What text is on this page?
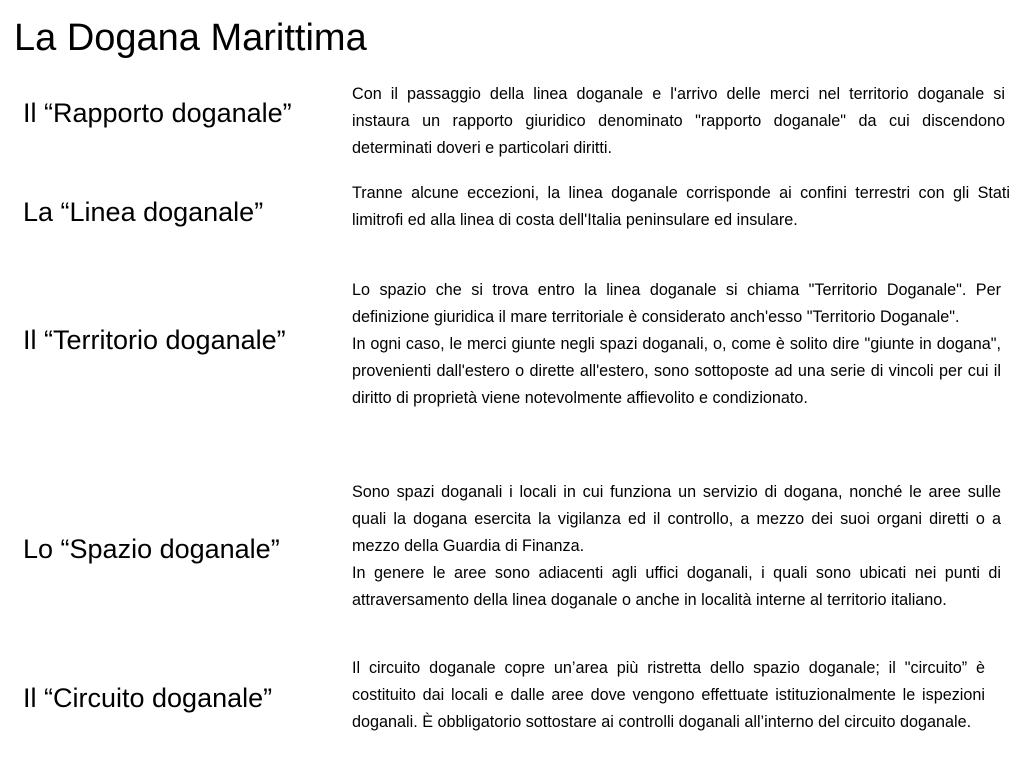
La Dogana Marittima
Il “Rapporto doganale”

Con il passaggio della linea doganale e l'arrivo delle merci nel territorio doganale si instaura un rapporto giuridico denominato "rapporto doganale" da cui discendono determinati doveri e particolari diritti.

La “Linea doganale”

Tranne alcune eccezioni, la linea doganale corrisponde ai confini terrestri con gli Stati limitrofi ed alla linea di costa dell'Italia peninsulare ed insulare.

Il “Territorio doganale”

Lo spazio che si trova entro la linea doganale si chiama "Territorio Doganale". Per definizione giuridica il mare territoriale è considerato anch'esso "Territorio Doganale".

In ogni caso, le merci giunte negli spazi doganali, o, come è solito dire "giunte in dogana", provenienti dall'estero o dirette all'estero, sono sottoposte ad una serie di vincoli per cui il diritto di proprietà viene notevolmente affievolito e condizionato.

Lo “Spazio doganale”

Sono spazi doganali i locali in cui funziona un servizio di dogana, nonché le aree sulle quali la dogana esercita la vigilanza ed il controllo, a mezzo dei suoi organi diretti o a mezzo della Guardia di Finanza.

In genere le aree sono adiacenti agli uffici doganali, i quali sono ubicati nei punti di attraversamento della linea doganale o anche in località interne al territorio italiano.

Il “Circuito doganale”

Il circuito doganale copre un’area più ristretta dello spazio doganale; il "circuito” è costituito dai locali e dalle aree dove vengono effettuate istituzionalmente le ispezioni doganali. È obbligatorio sottostare ai controlli doganali all’interno del circuito doganale.
